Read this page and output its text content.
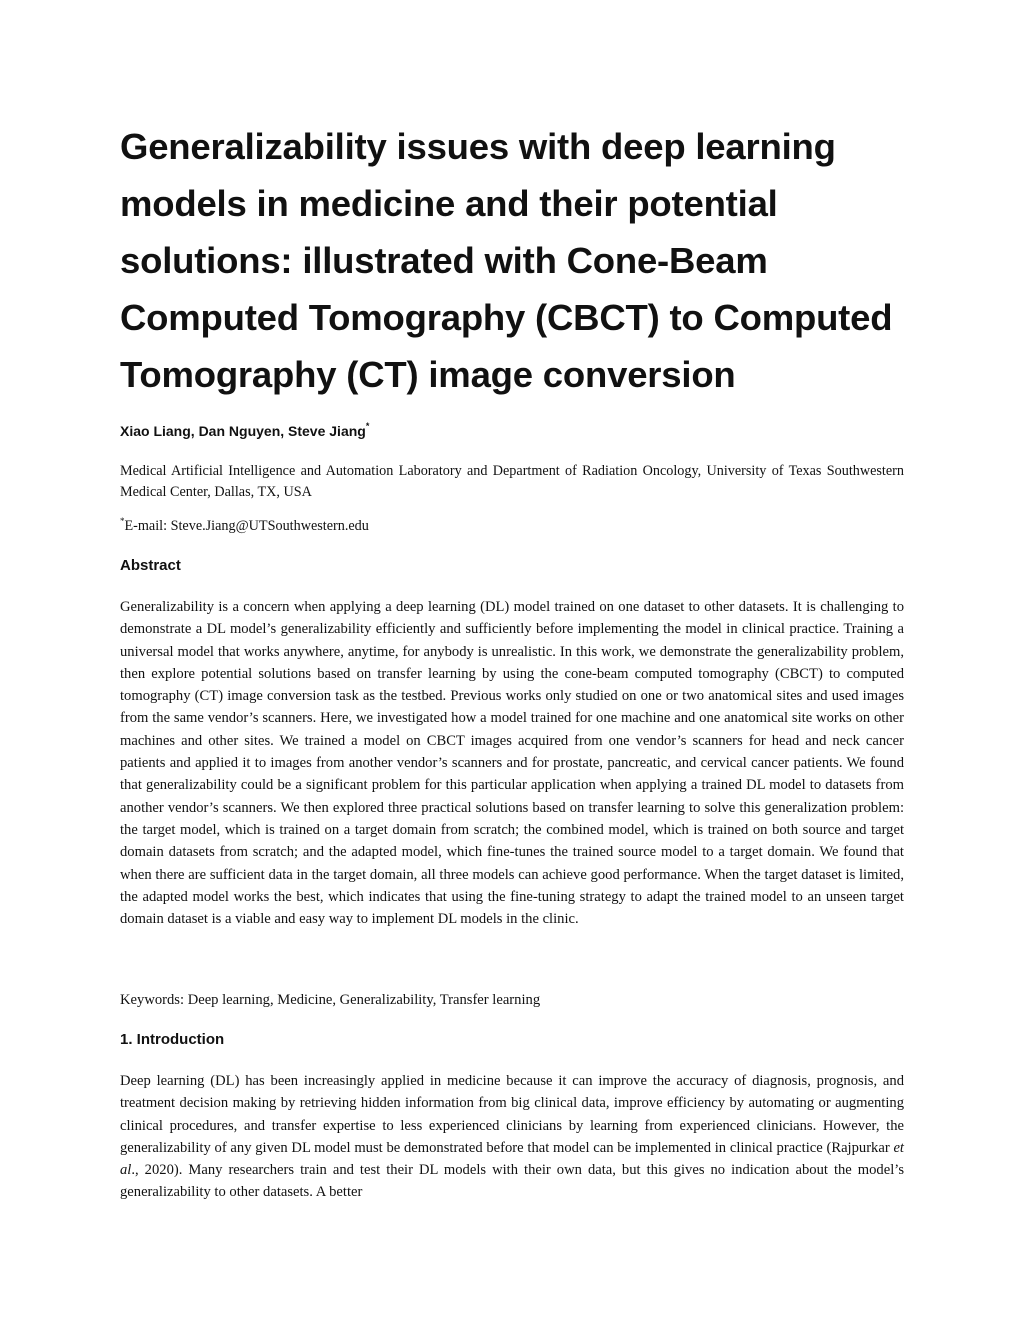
Generalizability issues with deep learning models in medicine and their potential solutions: illustrated with Cone-Beam Computed Tomography (CBCT) to Computed Tomography (CT) image conversion

Xiao Liang, Dan Nguyen, Steve Jiang*

Medical Artificial Intelligence and Automation Laboratory and Department of Radiation Oncology, University of Texas Southwestern Medical Center, Dallas, TX, USA

*E-mail: Steve.Jiang@UTSouthwestern.edu

Abstract

Generalizability is a concern when applying a deep learning (DL) model trained on one dataset to other datasets. It is challenging to demonstrate a DL model’s generalizability efficiently and sufficiently before implementing the model in clinical practice. Training a universal model that works anywhere, anytime, for anybody is unrealistic. In this work, we demonstrate the generalizability problem, then explore potential solutions based on transfer learning by using the cone-beam computed tomography (CBCT) to computed tomography (CT) image conversion task as the testbed. Previous works only studied on one or two anatomical sites and used images from the same vendor’s scanners. Here, we investigated how a model trained for one machine and one anatomical site works on other machines and other sites. We trained a model on CBCT images acquired from one vendor’s scanners for head and neck cancer patients and applied it to images from another vendor’s scanners and for prostate, pancreatic, and cervical cancer patients. We found that generalizability could be a significant problem for this particular application when applying a trained DL model to datasets from another vendor’s scanners. We then explored three practical solutions based on transfer learning to solve this generalization problem: the target model, which is trained on a target domain from scratch; the combined model, which is trained on both source and target domain datasets from scratch; and the adapted model, which fine-tunes the trained source model to a target domain. We found that when there are sufficient data in the target domain, all three models can achieve good performance. When the target dataset is limited, the adapted model works the best, which indicates that using the fine-tuning strategy to adapt the trained model to an unseen target domain dataset is a viable and easy way to implement DL models in the clinic.

Keywords: Deep learning, Medicine, Generalizability, Transfer learning

1. Introduction

Deep learning (DL) has been increasingly applied in medicine because it can improve the accuracy of diagnosis, prognosis, and treatment decision making by retrieving hidden information from big clinical data, improve efficiency by automating or augmenting clinical procedures, and transfer expertise to less experienced clinicians by learning from experienced clinicians. However, the generalizability of any given DL model must be demonstrated before that model can be implemented in clinical practice (Rajpurkar et al., 2020). Many researchers train and test their DL models with their own data, but this gives no indication about the model’s generalizability to other datasets. A better
